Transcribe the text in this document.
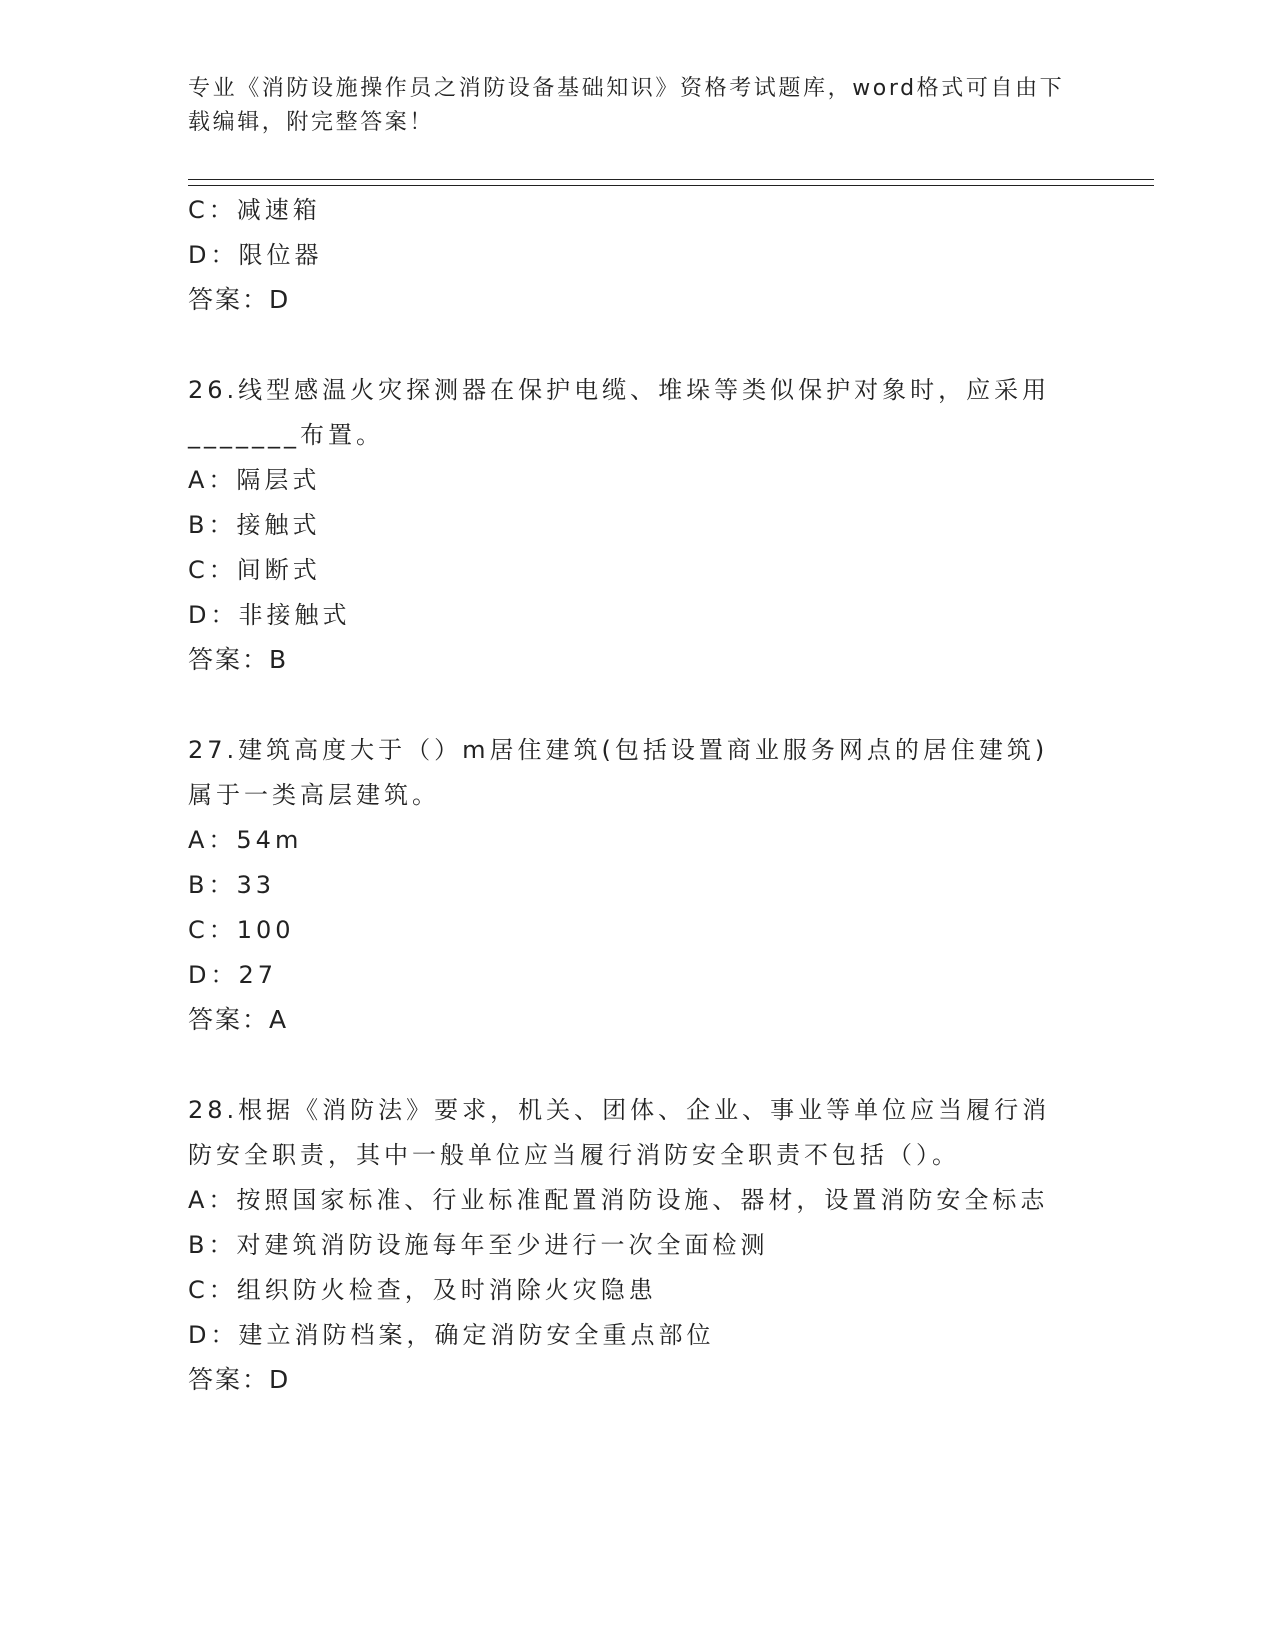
专业《消防设施操作员之消防设备基础知识》资格考试题库，word格式可自由下
载编辑，附完整答案！
C：减速箱
D：限位器
答案：D
26.线型感温火灾探测器在保护电缆、堆垛等类似保护对象时，应采用
_______布置。
A：隔层式
B：接触式
C：间断式
D：非接触式
答案：B
27.建筑高度大于（）m居住建筑(包括设置商业服务网点的居住建筑)
属于一类高层建筑。
A：54m
B：33
C：100
D：27
答案：A
28.根据《消防法》要求，机关、团体、企业、事业等单位应当履行消
防安全职责，其中一般单位应当履行消防安全职责不包括（）。
A：按照国家标准、行业标准配置消防设施、器材，设置消防安全标志
B：对建筑消防设施每年至少进行一次全面检测
C：组织防火检查，及时消除火灾隐患
D：建立消防档案，确定消防安全重点部位
答案：D
